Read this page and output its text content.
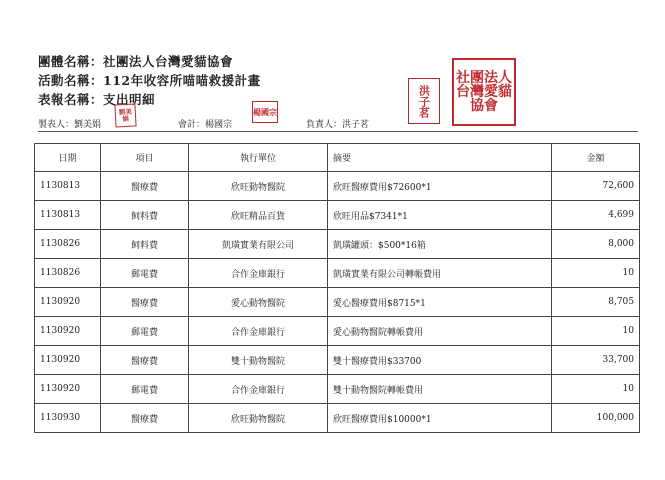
團體名稱：社團法人台灣愛貓協會
活動名稱：112年收容所喵喵救援計畫
表報名稱：支出明細
製表人：劉美娟	會計：楊國宗	負責人：洪子茗
劉美娟
楊國宗	洪子茗
社團法人台灣愛貓協會
日期	項目	執行單位	摘要	金額
1130813	醫療費	欣旺動物醫院	欣旺醫療費用$72600*1	72,600
1130813	飼料費	欣旺精品百貨	欣旺用品$7341*1	4,699
1130826	飼料費	凱璜實業有限公司	凱璜罐頭：$500*16箱	8,000
1130826	郵電費	合作金庫銀行	凱璜實業有限公司轉帳費用	10
1130920	醫療費	愛心動物醫院	愛心醫療費用$8715*1	8,705
1130920	郵電費	合作金庫銀行	愛心動物醫院轉帳費用	10
1130920	醫療費	雙十動物醫院	雙十醫療費用$33700	33,700
1130920	郵電費	合作金庫銀行	雙十動物醫院轉帳費用	10
1130930	醫療費	欣旺動物醫院	欣旺醫療費用$10000*1	100,000
